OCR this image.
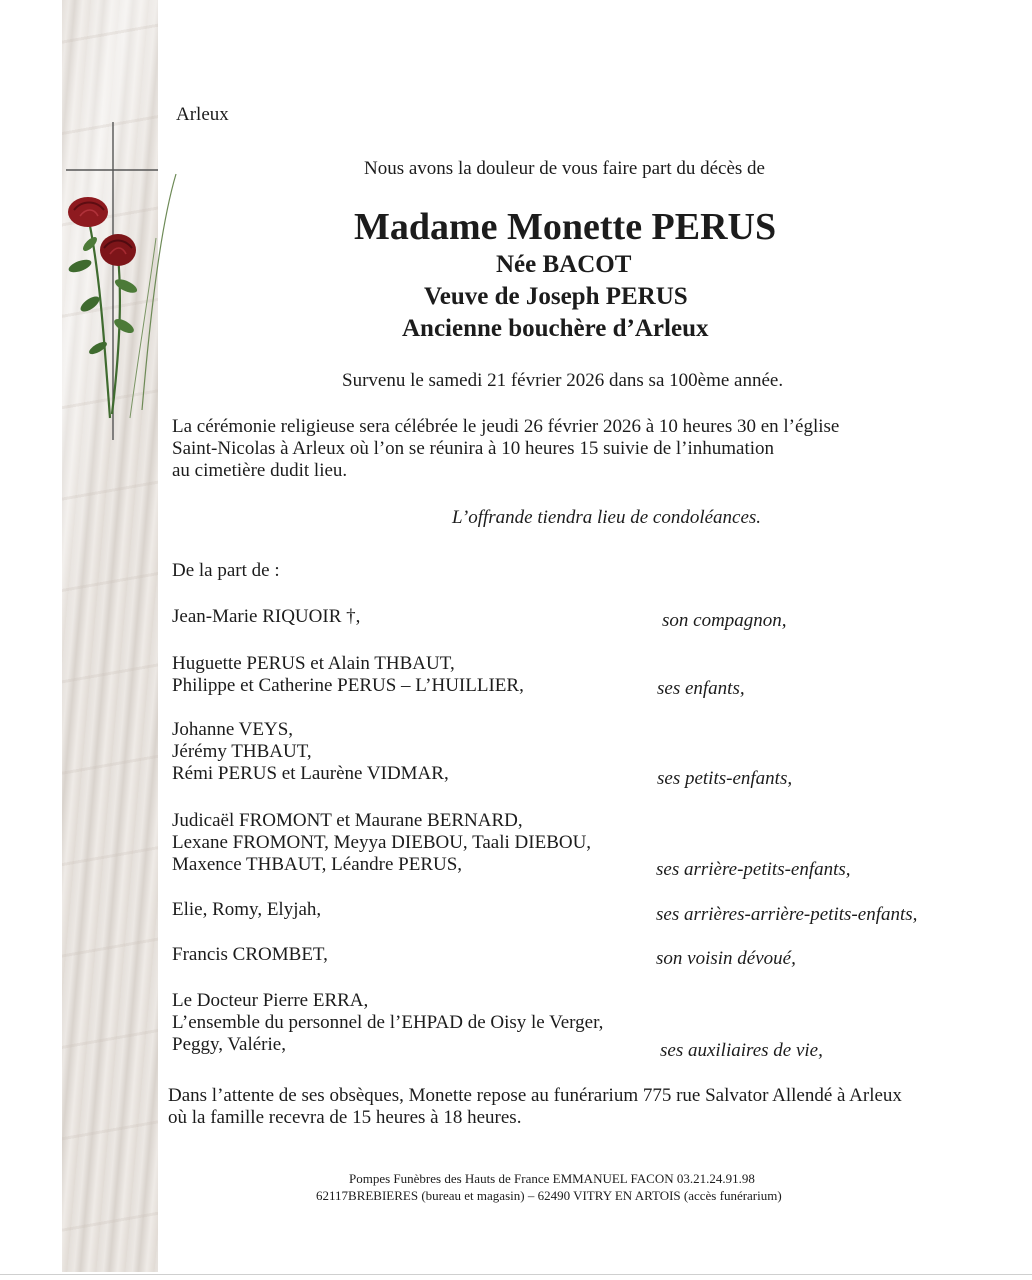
Arleux
Nous avons la douleur de vous faire part du décès de
Madame Monette PERUS
Née BACOT
Veuve de Joseph PERUS
Ancienne bouchère d’Arleux
Survenu le samedi 21 février 2026 dans sa 100ème année.
La cérémonie religieuse sera célébrée le jeudi 26 février 2026 à 10 heures 30 en l’église
Saint-Nicolas à Arleux où l’on se réunira à 10 heures 15 suivie de l’inhumation
au cimetière dudit lieu.
L’offrande tiendra lieu de condoléances.
De la part de :
Jean-Marie RIQUOIR †,	son compagnon,
Huguette PERUS et Alain THBAUT,
Philippe et Catherine PERUS – L’HUILLIER,	ses enfants,
Johanne VEYS,
Jérémy THBAUT,
Rémi PERUS et Laurène VIDMAR,	ses petits-enfants,
Judicaël FROMONT et Maurane BERNARD,
Lexane FROMONT, Meyya DIEBOU, Taali DIEBOU,
Maxence THBAUT, Léandre PERUS,	ses arrière-petits-enfants,
Elie, Romy, Elyjah,	ses arrières-arrière-petits-enfants,
Francis CROMBET,	son voisin dévoué,
Le Docteur Pierre ERRA,
L’ensemble du personnel de l’EHPAD de Oisy le Verger,
Peggy, Valérie,	ses auxiliaires de vie,
Dans l’attente de ses obsèques, Monette repose au funérarium 775 rue Salvator Allendé à Arleux
où la famille recevra de 15 heures à 18 heures.
Pompes Funèbres des Hauts de France EMMANUEL FACON 03.21.24.91.98
62117BREBIERES (bureau et magasin) – 62490 VITRY EN ARTOIS (accès funérarium)
